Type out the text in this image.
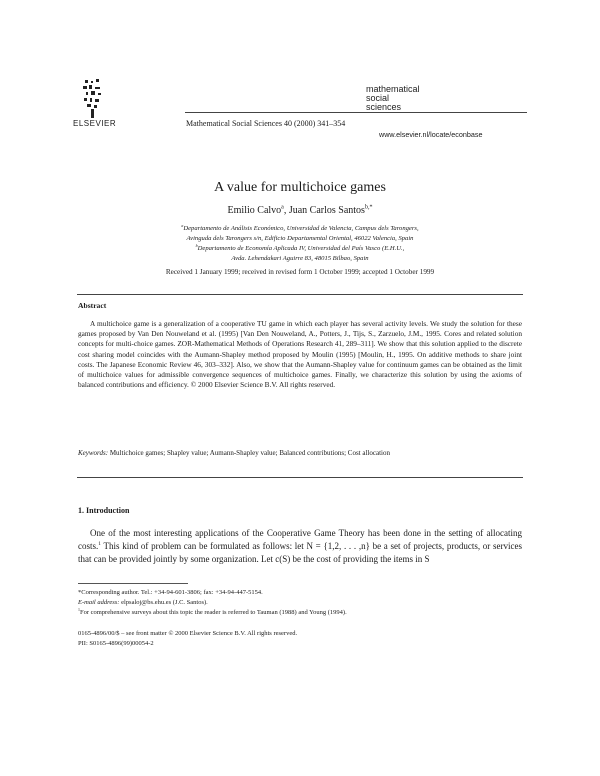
ELSEVIER	Mathematical Social Sciences 40 (2000) 341–354
mathematical
social
sciences
www.elsevier.nl/locate/econbase
A value for multichoice games
Emilio Calvo$^a$, Juan Carlos Santos$^{b,*}$
$^a$Departamento de Análisis Económico, Universidad de Valencia, Campus dels Tarongers,
Avinguda dels Tarongers s/n, Edificio Departamental Oriental, 46022 Valencia, Spain
$^b$Departamento de Economía Aplicada IV, Universidad del País Vasco (E.H.U.,
Avda. Lehendakari Aguirre 83, 48015 Bilbao, Spain
Received 1 January 1999; received in revised form 1 October 1999; accepted 1 October 1999
Abstract
A multichoice game is a generalization of a cooperative TU game in which each player has several activity levels. We study the solution for these games proposed by Van Den Nouweland et al. (1995) [Van Den Nouweland, A., Potters, J., Tijs, S., Zarzuelo, J.M., 1995. Cores and related solution concepts for multi-choice games. ZOR-Mathematical Methods of Operations Research 41, 289–311]. We show that this solution applied to the discrete cost sharing model coincides with the Aumann-Shapley method proposed by Moulin (1995) [Moulin, H., 1995. On additive methods to share joint costs. The Japanese Economic Review 46, 303–332]. Also, we show that the Aumann-Shapley value for continuum games can be obtained as the limit of multichoice values for admissible convergence sequences of multichoice games. Finally, we characterize this solution by using the axioms of balanced contributions and efficiency. © 2000 Elsevier Science B.V. All rights reserved.
Keywords: Multichoice games; Shapley value; Aumann-Shapley value; Balanced contributions; Cost allocation
1. Introduction
One of the most interesting applications of the Cooperative Game Theory has been done in the setting of allocating costs.$^1$ This kind of problem can be formulated as follows: let N = {1,2, . . . ,n} be a set of projects, products, or services that can be provided jointly by some organization. Let c(S) be the cost of providing the items in S
*Corresponding author. Tel.: +34-94-601-3806; fax: +34-94-447-5154.
E-mail address: elpsaloj@bs.ehu.es (J.C. Santos).
$^1$For comprehensive surveys about this topic the reader is referred to Tauman (1988) and Young (1994).
0165-4896/00/$ – see front matter © 2000 Elsevier Science B.V. All rights reserved.
PII: S0165-4896(99)00054-2
